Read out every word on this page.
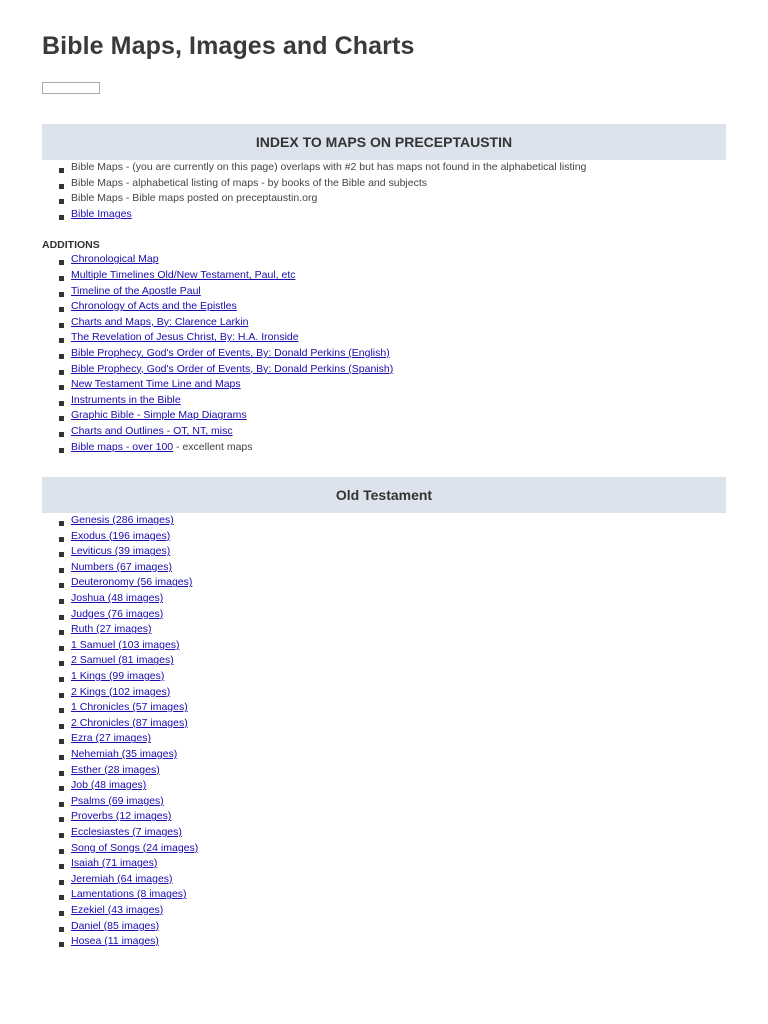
Bible Maps, Images and Charts
INDEX TO MAPS ON PRECEPTAUSTIN
Bible Maps - (you are currently on this page) overlaps with #2 but has maps not found in the alphabetical listing
Bible Maps - alphabetical listing of maps - by books of the Bible and subjects
Bible Maps - Bible maps posted on preceptaustin.org
Bible Images
ADDITIONS
Chronological Map
Multiple Timelines Old/New Testament, Paul, etc
Timeline of the Apostle Paul
Chronology of Acts and the Epistles
Charts and Maps, By: Clarence Larkin
The Revelation of Jesus Christ, By: H.A. Ironside
Bible Prophecy, God's Order of Events, By: Donald Perkins (English)
Bible Prophecy, God's Order of Events, By: Donald Perkins (Spanish)
New Testament Time Line and Maps
Instruments in the Bible
Graphic Bible - Simple Map Diagrams
Charts and Outlines - OT, NT, misc
Bible maps - over 100 - excellent maps
Old Testament
Genesis (286 images)
Exodus (196 images)
Leviticus (39 images)
Numbers (67 images)
Deuteronomy (56 images)
Joshua (48 images)
Judges (76 images)
Ruth (27 images)
1 Samuel (103 images)
2 Samuel (81 images)
1 Kings (99 images)
2 Kings (102 images)
1 Chronicles (57 images)
2 Chronicles (87 images)
Ezra (27 images)
Nehemiah (35 images)
Esther (28 images)
Job (48 images)
Psalms (69 images)
Proverbs (12 images)
Ecclesiastes (7 images)
Song of Songs (24 images)
Isaiah (71 images)
Jeremiah (64 images)
Lamentations (8 images)
Ezekiel (43 images)
Daniel (85 images)
Hosea (11 images)
